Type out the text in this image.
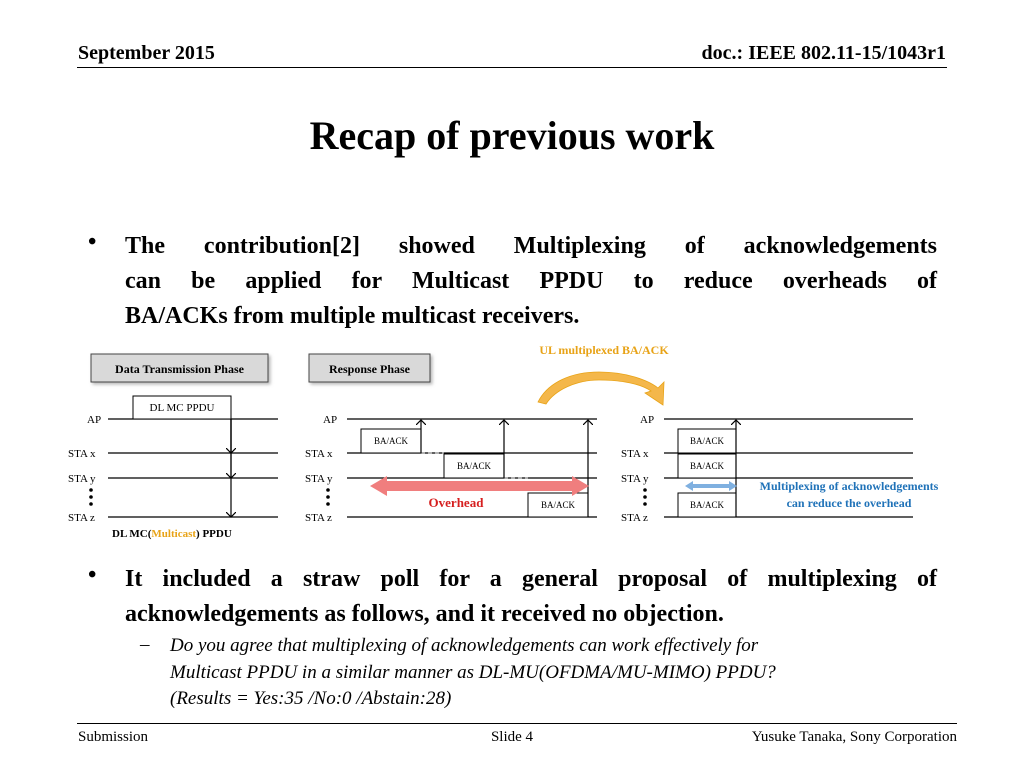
September 2015	doc.: IEEE 802.11-15/1043r1
Recap of previous work
• The contribution[2] showed Multiplexing of acknowledgements
can be applied for Multicast PPDU to reduce overheads of
BA/ACKs from multiple multicast receivers.
Data Transmission Phase	Response Phase
AP
STA x
STA y
STA z
DL MC PPDU
DL MC(Multicast) PPDU
AP
STA x
STA y
STA z
BA/ACK
BA/ACK
BA/ACK
Overhead
UL multiplexed BA/ACK
AP
STA x
STA y
STA z
BA/ACK
BA/ACK
BA/ACK
Multiplexing of acknowledgements
can reduce the overhead
• It included a straw poll for a general proposal of multiplexing of
acknowledgements as follows, and it received no objection.
– Do you agree that multiplexing of acknowledgements can work effectively for
Multicast PPDU in a similar manner as DL-MU(OFDMA/MU-MIMO) PPDU?
(Results = Yes:35 /No:0 /Abstain:28)
Submission	Slide 4	Yusuke Tanaka, Sony Corporation
